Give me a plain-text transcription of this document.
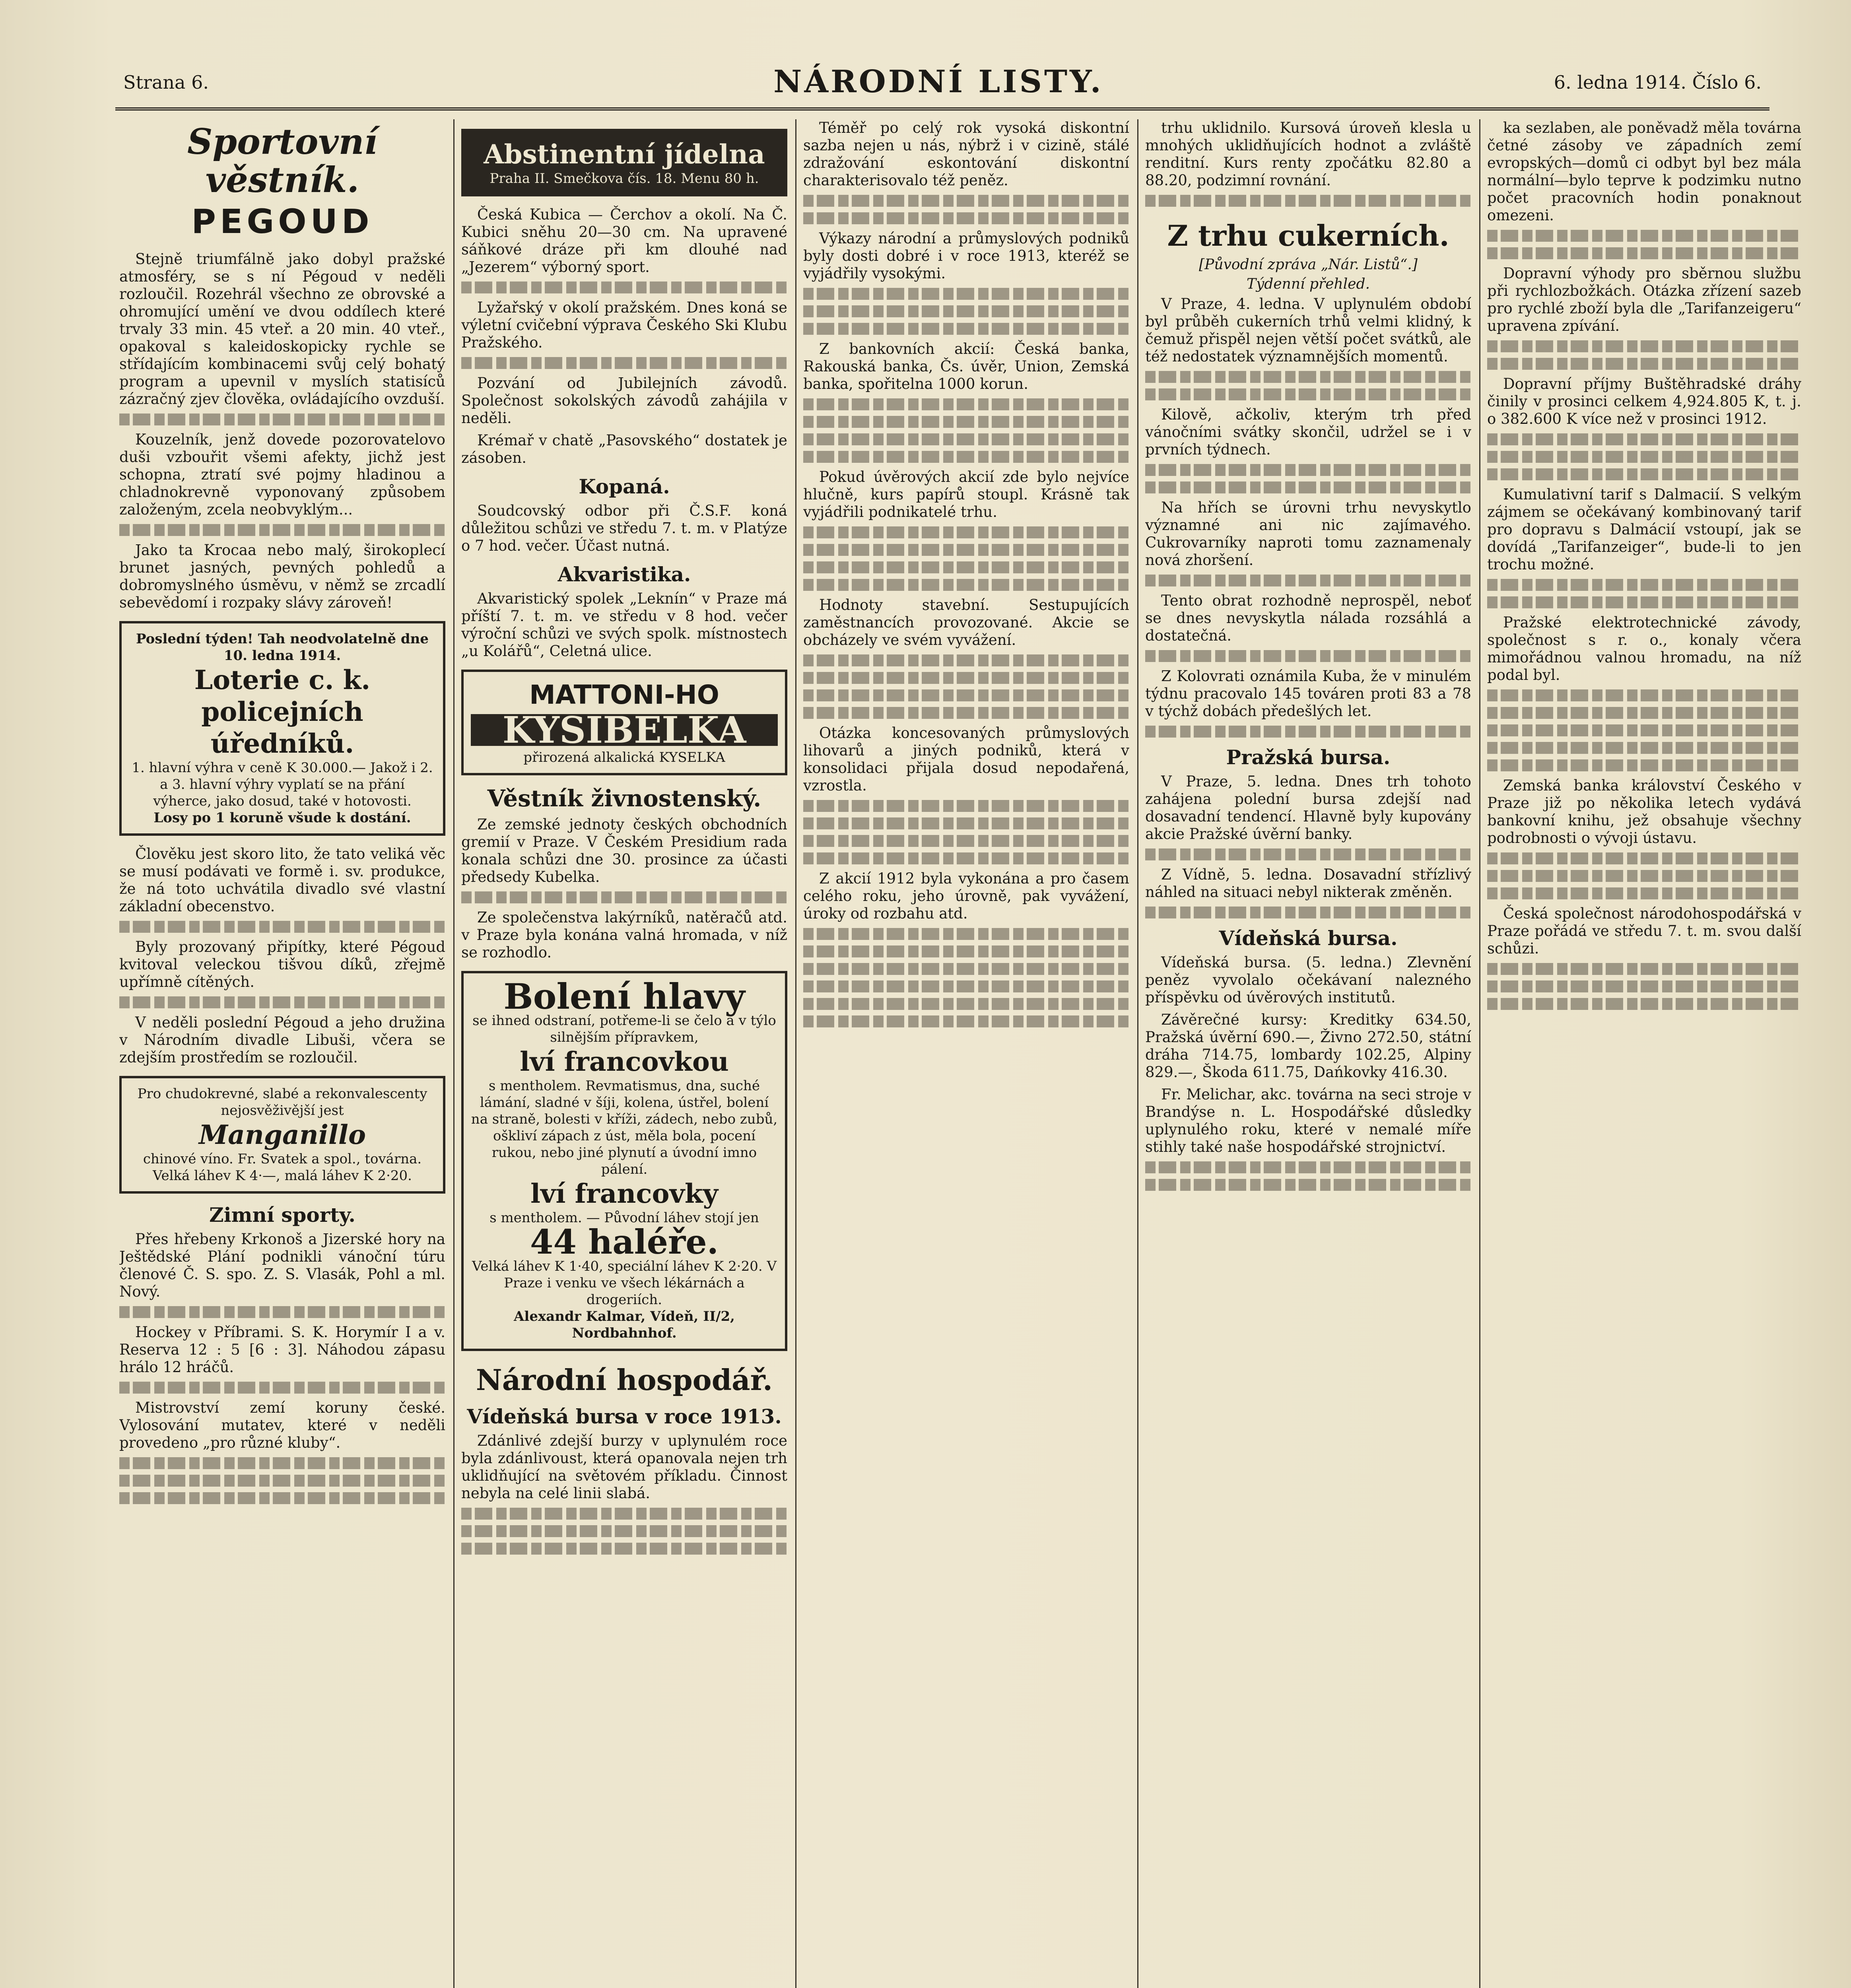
Strana 6.	NÁRODNÍ LISTY.	6. ledna 1914. Číslo 6.
Sportovní věstník.
PEGOUD

Stejně triumfálně jako dobyl pražské atmosféry, se s ní Pégoud v neděli rozloučil. Rozehrál všechno ze obrovské a ohromující umění ve dvou oddílech které trvaly 33 min. 45 vteř. a 20 min. 40 vteř., opakoval s kaleidoskopicky rychle se střídajícím kombinacemi svůj celý bohatý program a upevnil v myslích statisíců zázračný zjev člověka, ovládajícího ovzduší.

Kouzelník, jenž dovede pozorovatelovo duši vzbouřit všemi afekty, jichž jest schopna, ztratí své pojmy hladinou a chladnokrevně vyponovaný způsobem založeným, zcela neobvyklým...

Jako ta Krocaa nebo malý, širokoplecí brunet jasných, pevných pohledů a dobromyslného úsměvu, v němž se zrcadlí sebevědomí i rozpaky slávy zároveň!

Poslední týden! Tah neodvolatelně dne 10. ledna 1914.
Loterie c. k. policejních úředníků.
1. hlavní výhra v ceně K 30.000.— Jakož i 2. a 3. hlavní výhry vyplatí se na přání výherce, jako dosud, také v hotovosti.
Losy po 1 koruně všude k dostání.

Člověku jest skoro lito, že tato veliká věc se musí podávati ve formě i. sv. produkce, že ná toto uchvátila divadlo své vlastní základní obecenstvo.

Byly prozovaný připítky, které Pégoud kvitoval veleckou tišvou díků, zřejmě upřímně cítěných.

V neděli poslední Pégoud a jeho družina v Národním divadle Libuši, včera se zdejším prostředím se rozloučil.

Pro chudokrevné, slabé a rekonvalescenty nejosvěživější jest
Manganillo
chinové víno. Fr. Svatek a spol., továrna. Velká láhev K 4·—, malá láhev K 2·20.
Zimní sporty.

Přes hřebeny Krkonoš a Jizerské hory na Ještědské Plání podnikli vánoční túru členové Č. S. spo. Z. S. Vlasák, Pohl a ml. Nový.

Hockey v Příbrami. S. K. Horymír I a v. Reserva 12 : 5 [6 : 3]. Náhodou zápasu hrálo 12 hráčů.

Mistrovství zemí koruny české. Vylosování mutatev, které v neděli provedeno „pro různé kluby“.

Abstinentní jídelna
Praha II. Smečkova čís. 18. Menu 80 h.

Česká Kubica — Čerchov a okolí. Na Č. Kubici sněhu 20—30 cm. Na upravené sáňkové dráze při km dlouhé nad „Jezerem“ výborný sport.

Lyžařský v okolí pražském. Dnes koná se výletní cvičební výprava Českého Ski Klubu Pražského.

Pozvání od Jubilejních závodů. Společnost sokolských závodů zahájila v neděli.

Krémař v chatě „Pasovského“ dostatek je zásoben.

Kopaná.

Soudcovský odbor při Č.S.F. koná důležitou schůzi ve středu 7. t. m. v Platýze o 7 hod. večer. Účast nutná.

Akvaristika.

Akvaristický spolek „Leknín“ v Praze má příští 7. t. m. ve středu v 8 hod. večer výroční schůzi ve svých spolk. místnostech „u Kolářů“, Celetná ulice.

MATTONI-HO
KYSIBELKA
přirozená alkalická KYSELKA
Věstník živnostenský.

Ze zemské jednoty českých obchodních gremií v Praze. V Českém Presidium rada konala schůzi dne 30. prosince za účasti předsedy Kubelka.

Ze společenstva lakýrníků, natěračů atd. v Praze byla konána valná hromada, v níž se rozhodlo.

Bolení hlavy
se ihned odstraní, potřeme-li se čelo a v týlo silnějším přípravkem,
lví francovkou
s mentholem. Revmatismus, dna, suché lámání, sladné v šíji, kolena, ústřel, bolení na straně, bolesti v kříži, zádech, nebo zubů, oškliví zápach z úst, měla bola, pocení rukou, nebo jiné plynutí a úvodní imno pálení.
lví francovky
s mentholem. — Původní láhev stojí jen
44 haléře.
Velká láhev K 1·40, speciální láhev K 2·20. V Praze i venku ve všech lékárnách a drogeriích.
Alexandr Kalmar, Vídeň, II/2, Nordbahnhof.
Národní hospodář.
Vídeňská bursa v roce 1913.

Zdánlivé zdejší burzy v uplynulém roce byla zdánlivoust, která opanovala nejen trh uklidňující na světovém příkladu. Činnost nebyla na celé linii slabá.

Téměř po celý rok vysoká diskontní sazba nejen u nás, nýbrž i v cizině, stálé zdražování eskontování diskontní charakterisovalo též peněz.

Výkazy národní a průmyslových podniků byly dosti dobré i v roce 1913, kteréž se vyjádřily vysokými.

Z bankovních akcií: Česká banka, Rakouská banka, Čs. úvěr, Union, Zemská banka, spořitelna 1000 korun.

Pokud úvěrových akcií zde bylo nejvíce hlučně, kurs papírů stoupl. Krásně tak vyjádřili podnikatelé trhu.

Hodnoty stavební. Sestupujících zaměstnancích provozované. Akcie se obcházely ve svém vyvážení.

Otázka koncesovaných průmyslových lihovarů a jiných podniků, která v konsolidaci přijala dosud nepodařená, vzrostla.

Z akcií 1912 byla vykonána a pro časem celého roku, jeho úrovně, pak vyvážení, úroky od rozbahu atd.

trhu uklidnilo. Kursová úroveň klesla u mnohých uklidňujících hodnot a zvláště renditní. Kurs renty zpočátku 82.80 a 88.20, podzimní rovnání.

Z trhu cukerních.
[Původní zpráva „Nár. Listů“.]
Týdenní přehled.

V Praze, 4. ledna. V uplynulém období byl průběh cukerních trhů velmi klidný, k čemuž přispěl nejen větší počet svátků, ale též nedostatek významnějších momentů.

Kilově, ačkoliv, kterým trh před vánočními svátky skončil, udržel se i v prvních týdnech.

Na hřích se úrovni trhu nevyskytlo významné ani nic zajímavého. Cukrovarníky naproti tomu zaznamenaly nová zhoršení.

Tento obrat rozhodně neprospěl, neboť se dnes nevyskytla nálada rozsáhlá a dostatečná.

Z Kolovrati oznámila Kuba, že v minulém týdnu pracovalo 145 továren proti 83 a 78 v týchž dobách předešlých let.

Pražská bursa.

V Praze, 5. ledna. Dnes trh tohoto zahájena polední bursa zdejší nad dosavadní tendencí. Hlavně byly kupovány akcie Pražské úvěrní banky.

Z Vídně, 5. ledna. Dosavadní střízlivý náhled na situaci nebyl nikterak změněn.

Vídeňská bursa.

Vídeňská bursa. (5. ledna.) Zlevnění peněz vyvolalo očekávaní nalezného příspěvku od úvěrových institutů.

Závěrečné kursy: Kreditky 634.50, Pražská úvěrní 690.—, Živno 272.50, státní dráha 714.75, lombardy 102.25, Alpiny 829.—, Škoda 611.75, Dańkovky 416.30.

Fr. Melichar, akc. továrna na seci stroje v Brandýse n. L. Hospodářské důsledky uplynulého roku, které v nemalé míře stihly také naše hospodářské strojnictví.

ka sezlaben, ale poněvadž měla továrna četné zásoby ve západních zemí evropských—domů ci odbyt byl bez mála normální—bylo teprve k podzimku nutno počet pracovních hodin ponaknout omezeni.

Dopravní výhody pro sběrnou službu při rychlozbožkách. Otázka zřízení sazeb pro rychlé zboží byla dle „Tarifanzeigeru“ upravena zpívání.

Dopravní příjmy Buštěhradské dráhy činily v prosinci celkem 4,924.805 K, t. j. o 382.600 K více než v prosinci 1912.

Kumulativní tarif s Dalmacií. S velkým zájmem se očekávaný kombinovaný tarif pro dopravu s Dalmácií vstoupí, jak se dovídá „Tarifanzeiger“, bude-li to jen trochu možné.

Pražské elektrotechnické závody, společnost s r. o., konaly včera mimořádnou valnou hromadu, na níž podal byl.

Zemská banka království Českého v Praze již po několika letech vydává bankovní knihu, jež obsahuje všechny podrobnosti o vývoji ústavu.

Česká společnost národohospodářská v Praze pořádá ve středu 7. t. m. svou další schůzi.
